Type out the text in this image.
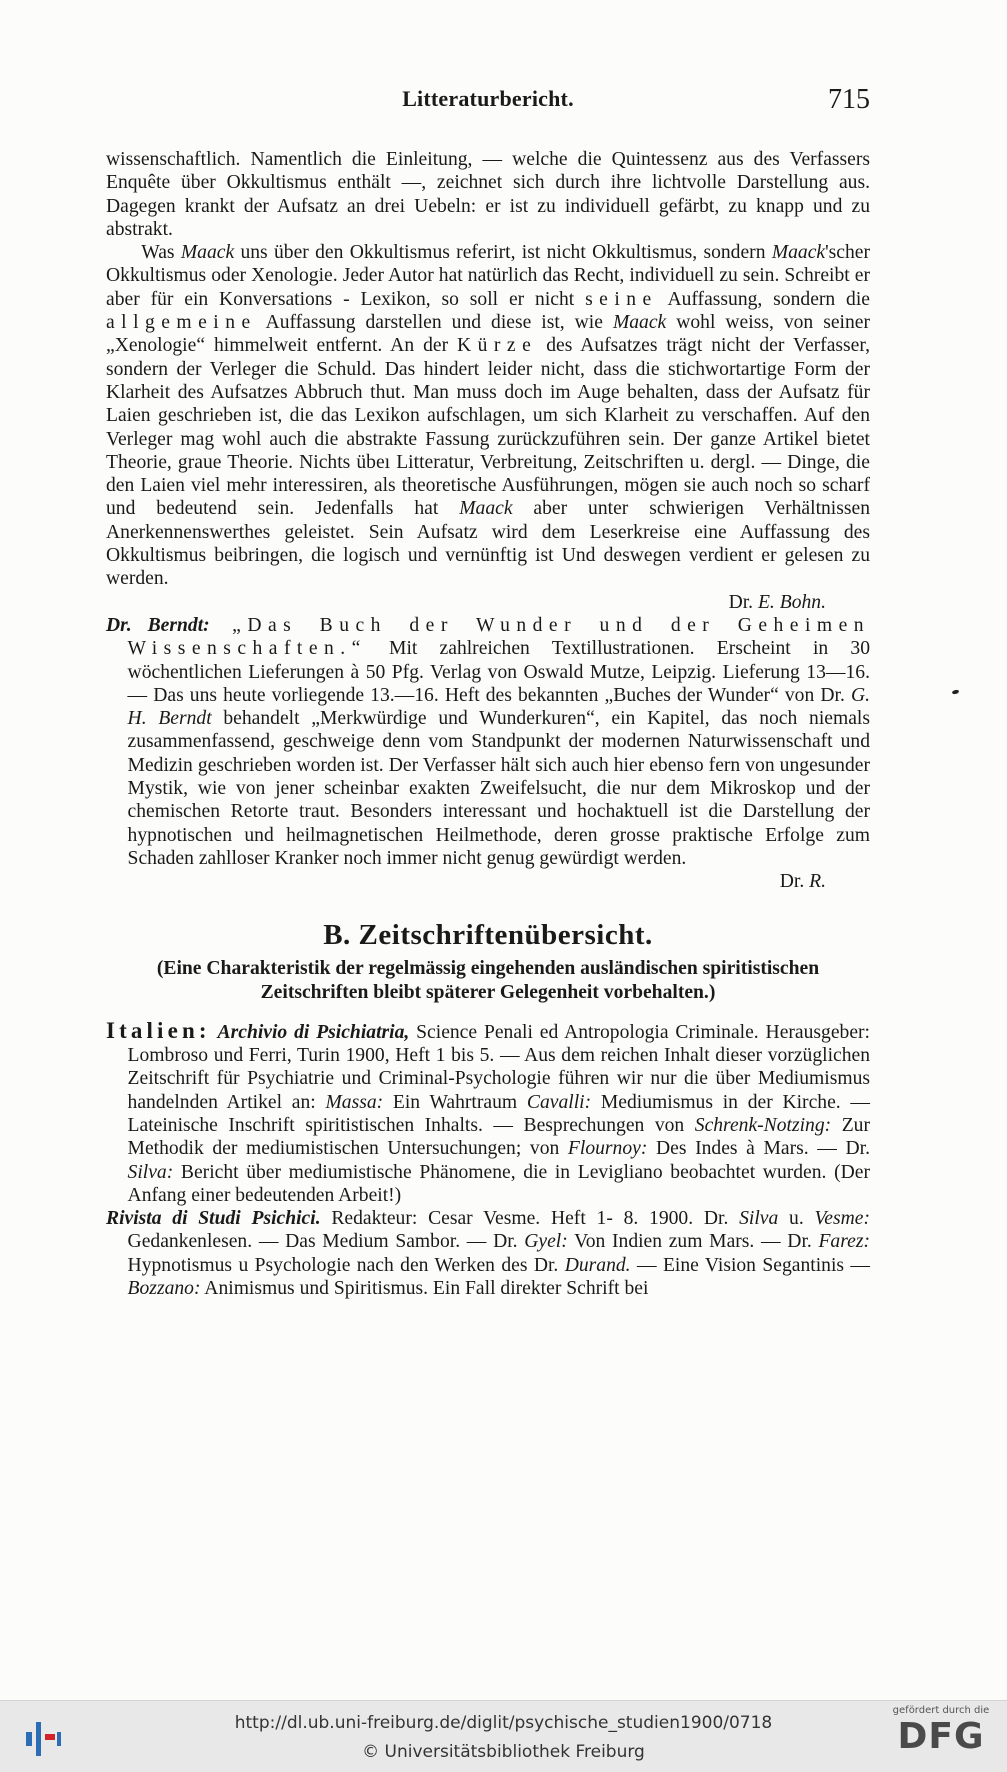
Litteraturbericht.	715

wissenschaftlich. Namentlich die Einleitung, — welche die Quintessenz aus des Verfassers Enquête über Okkultismus enthält —, zeichnet sich durch ihre lichtvolle Darstellung aus. Dagegen krankt der Aufsatz an drei Uebeln: er ist zu individuell gefärbt, zu knapp und zu abstrakt.

Was Maack uns über den Okkultismus referirt, ist nicht Okkultismus, sondern Maack'scher Okkultismus oder Xenologie. Jeder Autor hat natürlich das Recht, individuell zu sein. Schreibt er aber für ein Konversations - Lexikon, so soll er nicht seine Auffassung, sondern die allgemeine Auffassung darstellen und diese ist, wie Maack wohl weiss, von seiner „Xenologie“ himmelweit entfernt. An der Kürze des Aufsatzes trägt nicht der Verfasser, sondern der Verleger die Schuld. Das hindert leider nicht, dass die stichwortartige Form der Klarheit des Aufsatzes Abbruch thut. Man muss doch im Auge behalten, dass der Aufsatz für Laien geschrieben ist, die das Lexikon aufschlagen, um sich Klarheit zu verschaffen. Auf den Verleger mag wohl auch die abstrakte Fassung zurückzuführen sein. Der ganze Artikel bietet Theorie, graue Theorie. Nichts übeı Litteratur, Verbreitung, Zeitschriften u. dergl. — Dinge, die den Laien viel mehr interessiren, als theoretische Ausführungen, mögen sie auch noch so scharf und bedeutend sein. Jedenfalls hat Maack aber unter schwierigen Verhältnissen Anerkennenswerthes geleistet. Sein Aufsatz wird dem Leserkreise eine Auffassung des Okkultismus beibringen, die logisch und vernünftig ist Und deswegen verdient er gelesen zu werden.

Dr. E. Bohn.

Dr. Berndt: „Das Buch der Wunder und der Geheimen Wissenschaften.“ Mit zahlreichen Textillustrationen. Erscheint in 30 wöchentlichen Lieferungen à 50 Pfg. Verlag von Oswald Mutze, Leipzig. Lieferung 13—16. — Das uns heute vorliegende 13.—16. Heft des bekannten „Buches der Wunder“ von Dr. G. H. Berndt behandelt „Merkwürdige und Wunderkuren“, ein Kapitel, das noch niemals zusammenfassend, geschweige denn vom Standpunkt der modernen Naturwissenschaft und Medizin geschrieben worden ist. Der Verfasser hält sich auch hier ebenso fern von ungesunder Mystik, wie von jener scheinbar exakten Zweifelsucht, die nur dem Mikroskop und der chemischen Retorte traut. Besonders interessant und hochaktuell ist die Darstellung der hypnotischen und heilmagnetischen Heilmethode, deren grosse praktische Erfolge zum Schaden zahlloser Kranker noch immer nicht genug gewürdigt werden.

Dr. R.

B. Zeitschriftenübersicht.
(Eine Charakteristik der regelmässig eingehenden ausländischen spiritistischen Zeitschriften bleibt späterer Gelegenheit vorbehalten.)

Italien: Archivio di Psichiatria, Science Penali ed Antropologia Criminale. Herausgeber: Lombroso und Ferri, Turin 1900, Heft 1 bis 5. — Aus dem reichen Inhalt dieser vorzüglichen Zeitschrift für Psychiatrie und Criminal-Psychologie führen wir nur die über Mediumismus handelnden Artikel an: Massa: Ein Wahrtraum Cavalli: Mediumismus in der Kirche. — Lateinische Inschrift spiritistischen Inhalts. — Besprechungen von Schrenk-Notzing: Zur Methodik der mediumistischen Untersuchungen; von Flournoy: Des Indes à Mars. — Dr. Silva: Bericht über mediumistische Phänomene, die in Levigliano beobachtet wurden. (Der Anfang einer bedeutenden Arbeit!)

Rivista di Studi Psichici. Redakteur: Cesar Vesme. Heft 1- 8. 1900. Dr. Silva u. Vesme: Gedankenlesen. — Das Medium Sambor. — Dr. Gyel: Von Indien zum Mars. — Dr. Farez: Hypnotismus u Psychologie nach den Werken des Dr. Durand. — Eine Vision Segantinis — Bozzano: Animismus und Spiritismus. Ein Fall direkter Schrift bei

http://dl.ub.uni-freiburg.de/diglit/psychische_studien1900/0718
© Universitätsbibliothek Freiburg
gefördert durch die
DFG
